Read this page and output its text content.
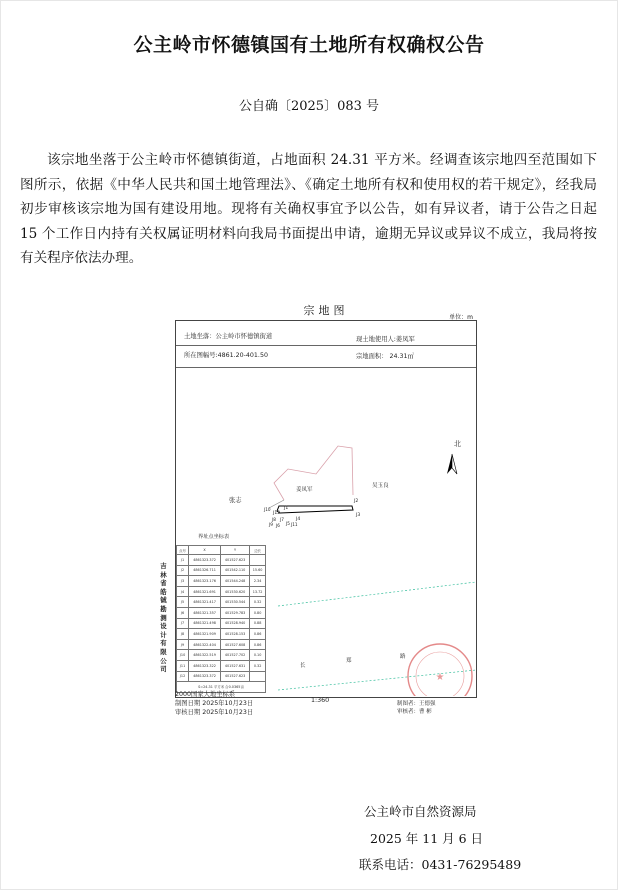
公主岭市怀德镇国有土地所有权确权公告
公自确〔2025〕083 号

该宗地坐落于公主岭市怀德镇街道，占地面积 24.31 平方米。经调查该宗地四至范围如下图所示，依据《中华人民共和国土地管理法》、《确定土地所有权和使用权的若干规定》，经我局初步审核该宗地为国有建设用地。现将有关确权事宜予以公告，如有异议者，请于公告之日起 15 个工作日内持有关权属证明材料向我局书面提出申请，逾期无异议或异议不成立，我局将按有关程序依法办理。

宗地图
单位：m
土地坐落：公主岭市怀德镇街道	现土地使用人:姜凤军
所在图幅号:4861.20-401.50	宗地面积： 24.31㎡
★
北
张志
姜凤军
吴玉良
J2
J3
J1
J12
J4
J5
J6
J7
J8
J9
J10
J11
界址点坐标表
点号	X	Y	边长
J1	4861323.372	401527.623	
J2	4861326.711	401542.110	15.60
J3	4861323.176	401544.248	2.34
J4	4861321.691	401530.620	13.72
J5	4861321.417	401530.544	0.32
J6	4861321.357	401529.783	0.80
J7	4861321.498	401528.940	0.88
J8	4861321.909	401528.153	0.86
J9	4861322.404	401527.608	0.86
J10	4861322.519	401527.702	0.10
J11	4861323.322	401527.631	0.32
J12	4861323.372	401527.623	
S=24.31 平方米 合0.0365亩			
长
郑
路
吉林省皓铖勘测设计有限公司
2000国家大地坐标系
制图日期 2025年10月23日
审核日期 2025年10月23日
1:360	制图者：王德强
审核者：曹 彬
公主岭市自然资源局
2025 年 11 月 6 日
联系电话：0431-76295489
